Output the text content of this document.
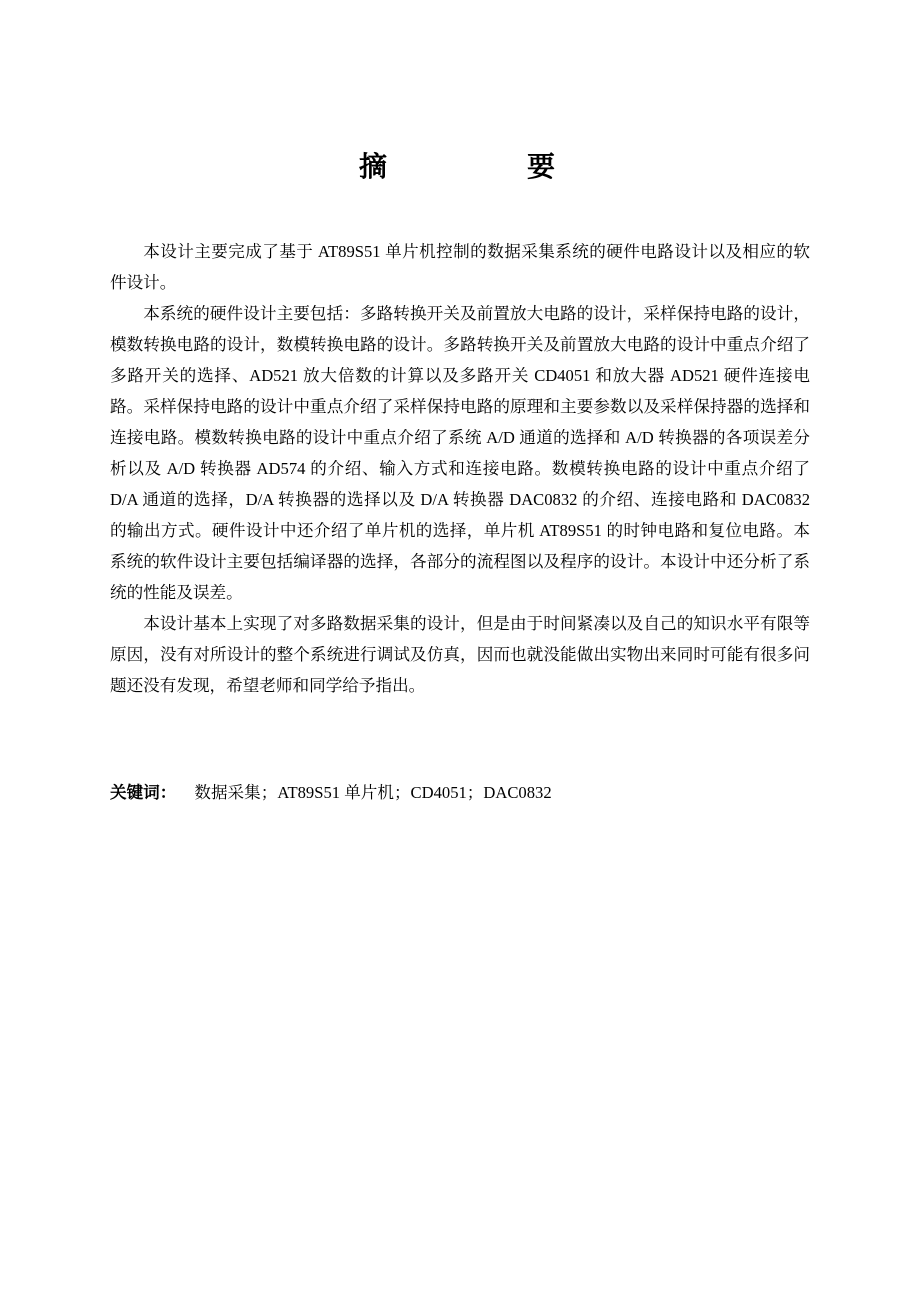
摘　要

本设计主要完成了基于 AT89S51 单片机控制的数据采集系统的硬件电路设计以及相应的软件设计。

本系统的硬件设计主要包括：多路转换开关及前置放大电路的设计，采样保持电路的设计，模数转换电路的设计，数模转换电路的设计。多路转换开关及前置放大电路的设计中重点介绍了多路开关的选择、AD521 放大倍数的计算以及多路开关 CD4051 和放大器 AD521 硬件连接电路。采样保持电路的设计中重点介绍了采样保持电路的原理和主要参数以及采样保持器的选择和连接电路。模数转换电路的设计中重点介绍了系统 A/D 通道的选择和 A/D 转换器的各项误差分析以及 A/D 转换器 AD574 的介绍、输入方式和连接电路。数模转换电路的设计中重点介绍了 D/A 通道的选择，D/A 转换器的选择以及 D/A 转换器 DAC0832 的介绍、连接电路和 DAC0832 的输出方式。硬件设计中还介绍了单片机的选择，单片机 AT89S51 的时钟电路和复位电路。本系统的软件设计主要包括编译器的选择，各部分的流程图以及程序的设计。本设计中还分析了系统的性能及误差。

本设计基本上实现了对多路数据采集的设计，但是由于时间紧凑以及自己的知识水平有限等原因，没有对所设计的整个系统进行调试及仿真，因而也就没能做出实物出来同时可能有很多问题还没有发现，希望老师和同学给予指出。

关键词： 数据采集；AT89S51 单片机；CD4051；DAC0832
